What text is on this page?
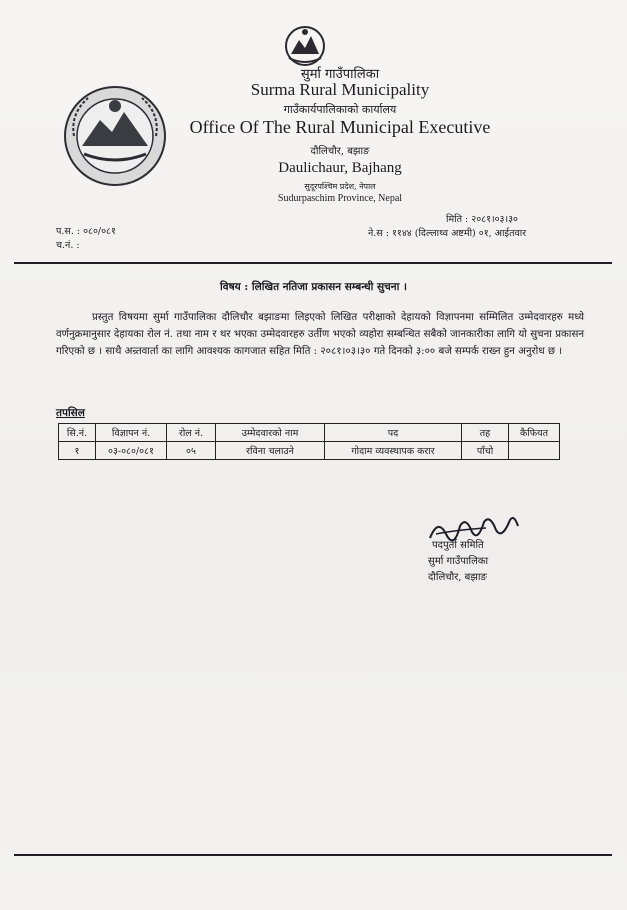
सुर्मा गाउँपालिका
Surma Rural Municipality
गाउँकार्यपालिकाको कार्यालय
Office Of The Rural Municipal Executive
दौलिचौर, बझाङ
Daulichaur, Bajhang
सुदूरपश्चिम प्रदेश, नेपाल
Sudurpaschim Province, Nepal
प.स. : ०८०/०८१
च.नं. :
मिति : २०८१।०३।३०
ने.स : ११४४ (दिल्लाथ्व अष्टमी) ०१, आईतवार
विषय : लिखित नतिजा प्रकासन सम्बन्धी सुचना ।
प्रस्तुत विषयमा सुर्मा गाउँपालिका दौलिचौर बझाङमा लिइएको लिखित परीक्षाको देहायको विज्ञापनमा सम्मिलित उम्मेदवारहरु मध्ये वर्णनुक्रमानुसार देहायका रोल नं. तथा नाम र थर भएका उम्मेदवारहरु उर्तीण भएको व्यहोरा सम्बन्धित सबैको जानकारीका लागि यो सुचना प्रकासन गरिएको छ । साथै अन्र्तवार्ता का लागि आवश्यक कागजात सहित मिति : २०८१।०३।३० गते दिनको ३:०० बजे सम्पर्क राख्न हुन अनुरोध छ ।
तपसिल
सि.नं.	विज्ञापन नं.	रोल नं.	उम्मेदवारको नाम	पद	तह	कैफियत
१	०३-०८०/०८१	०५	रविना चलाउने	गोदाम व्यवस्थापक करार	पाँचो	
पदपुर्ती समिति
सुर्मा गाउँपालिका
दौलिचौर, बझाङ
